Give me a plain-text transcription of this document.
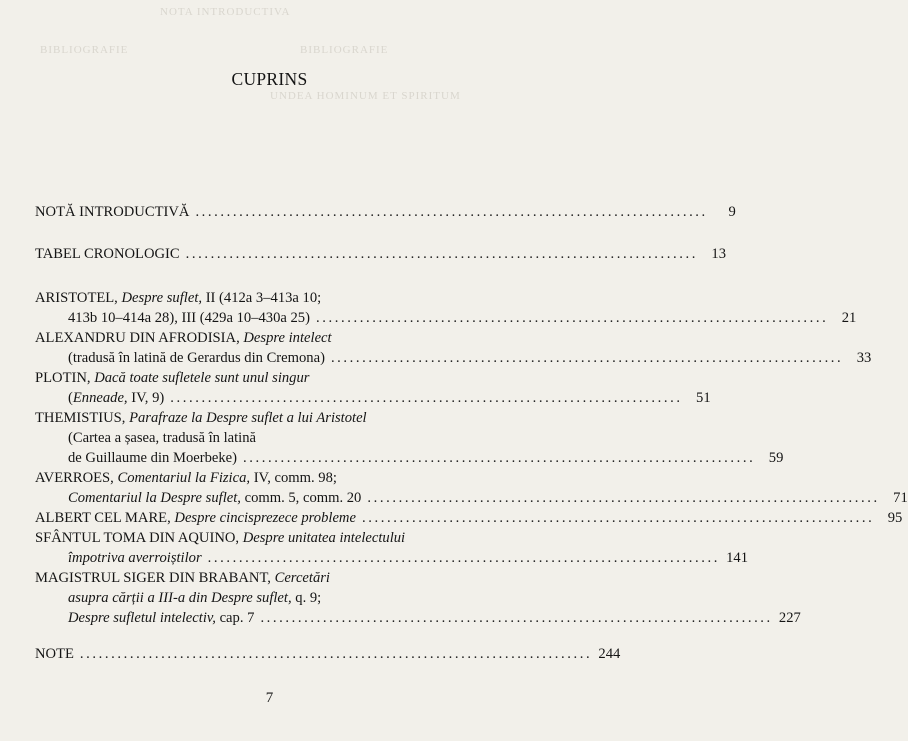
NOTA INTRODUCTIVA
BIBLIOGRAFIE	BIBLIOGRAFIE
UNDEA HOMINUM ET SPIRITUM
CUPRINS
NOTĂ INTRODUCTIVĂ ..................................................................................	9
TABEL CRONOLOGIC .................................................................................. 13
ARISTOTEL, Despre suflet, II (412a 3–413a 10;
413b 10–414a 28), III (429a 10–430a 25) .................................................................................. 21
ALEXANDRU DIN AFRODISIA, Despre intelect
(tradusă în latină de Gerardus din Cremona) .................................................................................. 33
PLOTIN, Dacă toate sufletele sunt unul singur
(Enneade, IV, 9) .................................................................................. 51
THEMISTIUS, Parafraze la Despre suflet a lui Aristotel
(Cartea a șasea, tradusă în latină
de Guillaume din Moerbeke) .................................................................................. 59
AVERROES, Comentariul la Fizica, IV, comm. 98;
Comentariul la Despre suflet, comm. 5, comm. 20 .................................................................................. 71
ALBERT CEL MARE, Despre cincisprezece probleme .................................................................................. 95
SFÂNTUL TOMA DIN AQUINO, Despre unitatea intelectului
împotriva averroiștilor .................................................................................. 141
MAGISTRUL SIGER DIN BRABANT, Cercetări
asupra cărții a III-a din Despre suflet, q. 9;
Despre sufletul intelectiv, cap. 7 .................................................................................. 227
NOTE .................................................................................. 244
7
